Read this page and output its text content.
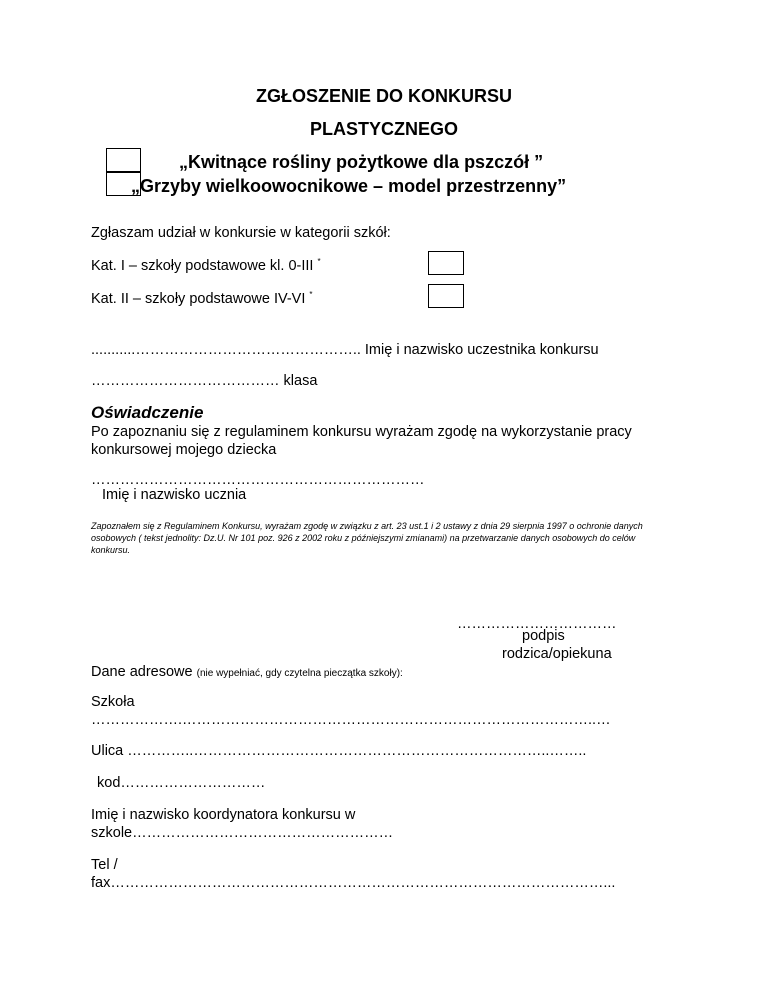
ZGŁOSZENIE DO KONKURSU
PLASTYCZNEGO
„Kwitnące rośliny pożytkowe dla pszczół ”
„Grzyby wielkoowocnikowe – model przestrzenny”
Zgłaszam udział w konkursie w kategorii szkół:
Kat. I – szkoły podstawowe kl. 0-III *
Kat. II – szkoły podstawowe IV-VI *
...........……………………………………….. Imię i nazwisko uczestnika konkursu
………………………………… klasa
Oświadczenie
Po zapoznaniu się z regulaminem konkursu wyrażam zgodę na wykorzystanie pracy
konkursowej mojego dziecka
……………………………………………………………
Imię i nazwisko ucznia
Zapoznałem się z Regulaminem Konkursu, wyrażam zgodę w związku z art. 23 ust.1 i 2 ustawy z dnia 29 sierpnia 1997 o ochronie danych osobowych ( tekst jednolity: Dz.U. Nr 101 poz. 926 z 2002 roku z późniejszymi zmianami) na przetwarzanie danych osobowych do celów konkursu.
……………………………
podpis
rodzica/opiekuna
Dane adresowe (nie wypełniać, gdy czytelna pieczątka szkoły):
Szkoła
……………….…………………………………………………………………………..…
Ulica …………..………………………………………………………………..……..
kod…………………………
Imię i nazwisko koordynatora konkursu w
szkole………………………………………………
Tel /
fax…………………………………………………………………………………………...
